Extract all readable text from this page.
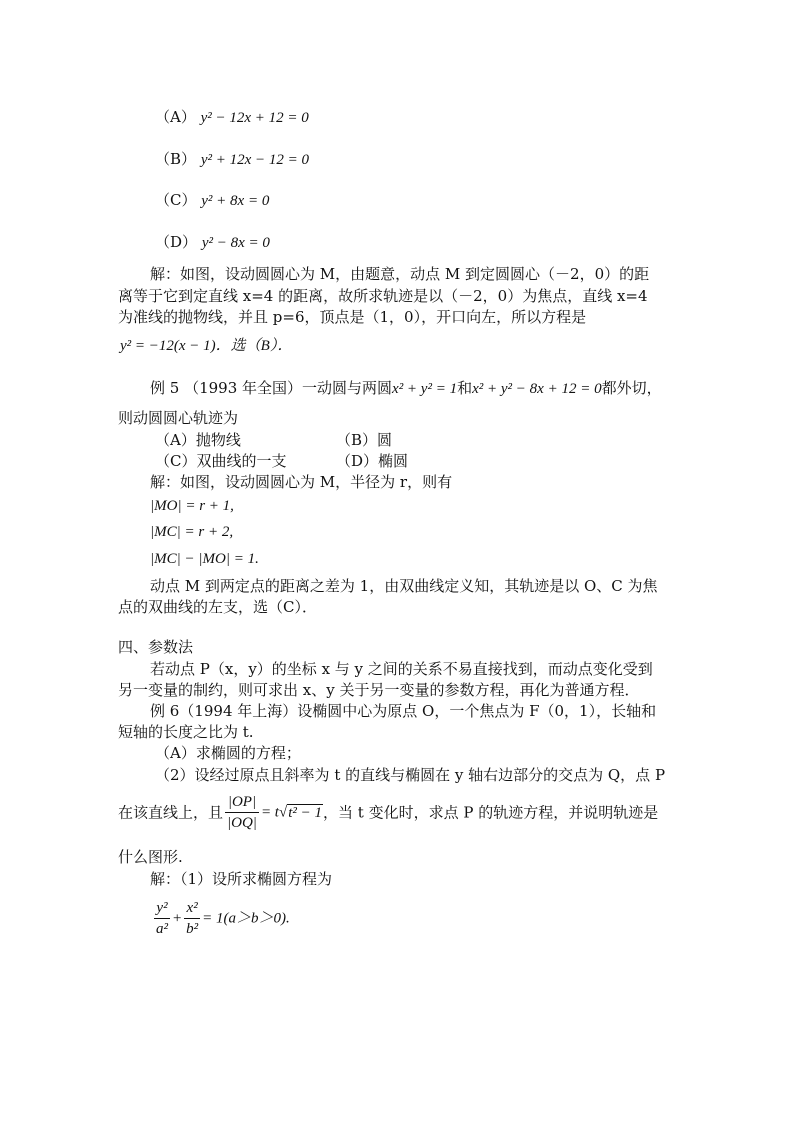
（A） y² − 12x + 12 = 0
（B） y² + 12x − 12 = 0
（C） y² + 8x = 0
（D） y² − 8x = 0
解：如图，设动圆圆心为 M，由题意，动点 M 到定圆圆心（－2，0）的距
离等于它到定直线 x=4 的距离，故所求轨迹是以（－2，0）为焦点，直线 x=4
为准线的抛物线，并且 p=6，顶点是（1，0），开口向左，所以方程是
y² = −12(x − 1)．选（B）．
例 5 （1993 年全国）一动圆与两圆x² + y² = 1和x² + y² − 8x + 12 = 0都外切，
则动圆圆心轨迹为
（A）抛物线	（B）圆
（C）双曲线的一支	（D）椭圆
解：如图，设动圆圆心为 M，半径为 r，则有
|MO| = r + 1,
|MC| = r + 2,
|MC| − |MO| = 1.
动点 M 到两定点的距离之差为 1，由双曲线定义知，其轨迹是以 O、C 为焦
点的双曲线的左支，选（C）．
四、参数法
若动点 P（x，y）的坐标 x 与 y 之间的关系不易直接找到，而动点变化受到
另一变量的制约，则可求出 x、y 关于另一变量的参数方程，再化为普通方程．
例 6（1994 年上海）设椭圆中心为原点 O，一个焦点为 F（0，1），长轴和
短轴的长度之比为 t.
（A）求椭圆的方程；
（2）设经过原点且斜率为 t 的直线与椭圆在 y 轴右边部分的交点为 Q，点 P
在该直线上，且 $\frac{|OP|}{|OQ|} = t√t^2 - 1$，当 t 变化时，求点 P 的轨迹方程，并说明轨迹是
什么图形.
解：（1）设所求椭圆方程为
$\frac{\text{y²}}{\text{a²}} + \frac{\text{x²}}{\text{b²}} = 1(a>b>0)$.
